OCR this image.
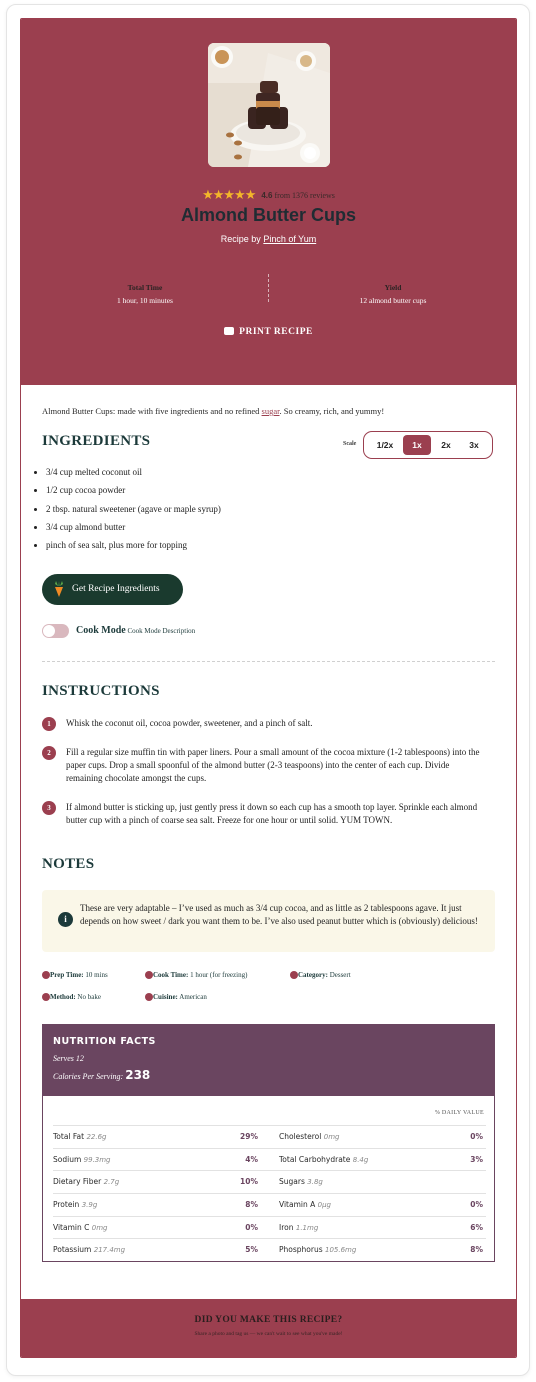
★★★★★ 4.6 from 1376 reviews
Almond Butter Cups
Recipe by Pinch of Yum
Total Time
1 hour, 10 minutes
Yield
12 almond butter cups
PRINT RECIPE
Almond Butter Cups: made with five ingredients and no refined sugar. So creamy, rich, and yummy!
INGREDIENTS	Scale	1/2x	1x	2x	3x
• 3/4 cup melted coconut oil
• 1/2 cup cocoa powder
• 2 tbsp. natural sweetener (agave or maple syrup)
• 3/4 cup almond butter
• pinch of sea salt, plus more for topping
Get Recipe Ingredients
Cook Mode Cook Mode Description
INSTRUCTIONS
1	Whisk the coconut oil, cocoa powder, sweetener, and a pinch of salt.
2	Fill a regular size muffin tin with paper liners. Pour a small amount of the cocoa mixture (1-2 tablespoons) into the paper cups. Drop a small spoonful of the almond butter (2-3 teaspoons) into the center of each cup. Divide remaining chocolate amongst the cups.
3	If almond butter is sticking up, just gently press it down so each cup has a smooth top layer. Sprinkle each almond butter cup with a pinch of coarse sea salt. Freeze for one hour or until solid. YUM TOWN.
NOTES
i
These are very adaptable – I’ve used as much as 3/4 cup cocoa, and as little as 2 tablespoons agave. It just depends on how sweet / dark you want them to be. I’ve also used peanut butter which is (obviously) delicious!
Prep Time: 10 mins	Cook Time: 1 hour (for freezing)	Category: Dessert
Method: No bake	Cuisine: American
NUTRITION FACTS
Serves 12
Calories Per Serving: 238
% DAILY VALUE
Total Fat 22.6g	29%	Cholesterol 0mg	0%
Sodium 99.3mg	4%	Total Carbohydrate 8.4g	3%
Dietary Fiber 2.7g	10%	Sugars 3.8g
Protein 3.9g	8%	Vitamin A 0µg	0%
Vitamin C 0mg	0%	Iron 1.1mg	6%
Potassium 217.4mg	5%	Phosphorus 105.6mg	8%
DID YOU MAKE THIS RECIPE?
Share a photo and tag us — we can't wait to see what you've made!
